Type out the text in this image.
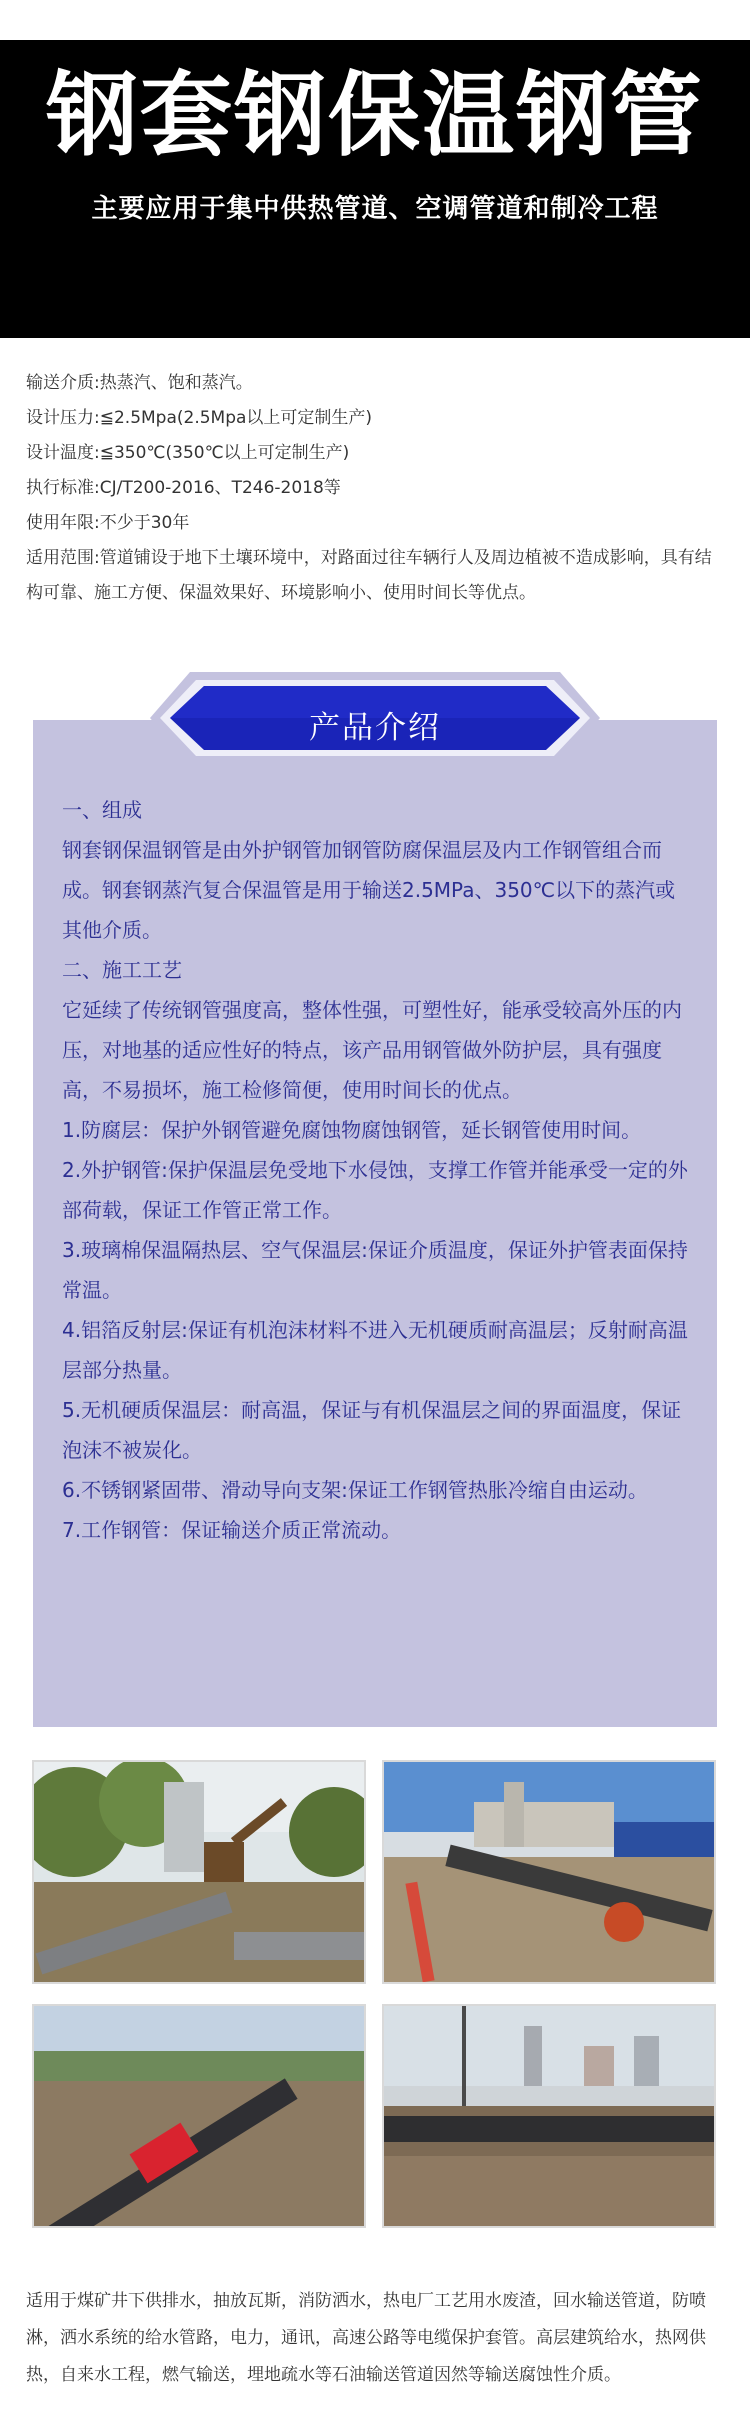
钢套钢保温钢管
主要应用于集中供热管道、空调管道和制冷工程

输送介质:热蒸汽、饱和蒸汽。

设计压力:≦2.5Mpa(2.5Mpa以上可定制生产)

设计温度:≦350℃(350℃以上可定制生产)

执行标准:CJ/T200-2016、T246-2018等

使用年限:不少于30年

适用范围:管道铺设于地下土壤环境中，对路面过往车辆行人及周边植被不造成影响，具有结构可靠、施工方便、保温效果好、环境影响小、使用时间长等优点。

产品介绍

一、组成

钢套钢保温钢管是由外护钢管加钢管防腐保温层及内工作钢管组合而成。钢套钢蒸汽复合保温管是用于输送2.5MPa、350℃以下的蒸汽或其他介质。

二、施工工艺

它延续了传统钢管强度高，整体性强，可塑性好，能承受较高外压的内压，对地基的适应性好的特点，该产品用钢管做外防护层，具有强度高，不易损坏，施工检修简便，使用时间长的优点。

1.防腐层：保护外钢管避免腐蚀物腐蚀钢管，延长钢管使用时间。

2.外护钢管:保护保温层免受地下水侵蚀，支撑工作管并能承受一定的外部荷载，保证工作管正常工作。

3.玻璃棉保温隔热层、空气保温层:保证介质温度，保证外护管表面保持常温。

4.铝箔反射层:保证有机泡沫材料不进入无机硬质耐高温层；反射耐高温层部分热量。

5.无机硬质保温层：耐高温，保证与有机保温层之间的界面温度，保证泡沫不被炭化。

6.不锈钢紧固带、滑动导向支架:保证工作钢管热胀冷缩自由运动。

7.工作钢管：保证输送介质正常流动。

适用于煤矿井下供排水，抽放瓦斯，消防洒水，热电厂工艺用水废渣，回水输送管道，防喷淋，洒水系统的给水管路，电力，通讯，高速公路等电缆保护套管。高层建筑给水，热网供热，自来水工程，燃气输送，埋地疏水等石油输送管道因然等输送腐蚀性介质。
